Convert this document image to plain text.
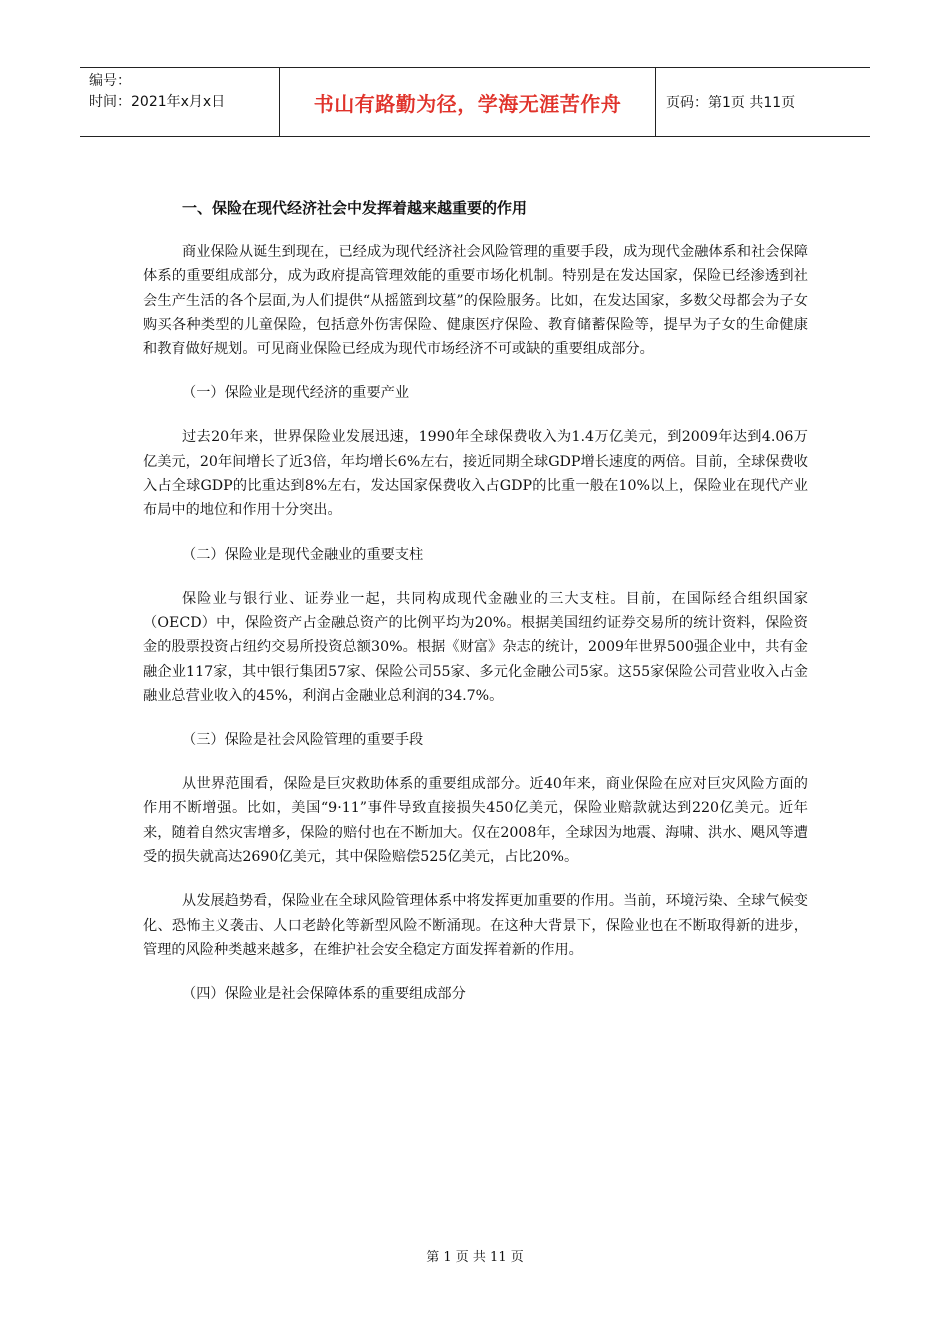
编号：
时间：2021年x月x日	书山有路勤为径，学海无涯苦作舟	页码：第1页 共11页
一、保险在现代经济社会中发挥着越来越重要的作用

商业保险从诞生到现在，已经成为现代经济社会风险管理的重要手段，成为现代金融体系和社会保障体系的重要组成部分，成为政府提高管理效能的重要市场化机制。特别是在发达国家，保险已经渗透到社会生产生活的各个层面,为人们提供“从摇篮到坟墓”的保险服务。比如，在发达国家，多数父母都会为子女购买各种类型的儿童保险，包括意外伤害保险、健康医疗保险、教育储蓄保险等，提早为子女的生命健康和教育做好规划。可见商业保险已经成为现代市场经济不可或缺的重要组成部分。

（一）保险业是现代经济的重要产业

过去20年来，世界保险业发展迅速，1990年全球保费收入为1.4万亿美元，到2009年达到4.06万亿美元，20年间增长了近3倍，年均增长6%左右，接近同期全球GDP增长速度的两倍。目前，全球保费收入占全球GDP的比重达到8%左右，发达国家保费收入占GDP的比重一般在10%以上，保险业在现代产业布局中的地位和作用十分突出。

（二）保险业是现代金融业的重要支柱

保险业与银行业、证券业一起，共同构成现代金融业的三大支柱。目前，在国际经合组织国家（OECD）中，保险资产占金融总资产的比例平均为20%。根据美国纽约证券交易所的统计资料，保险资金的股票投资占纽约交易所投资总额30%。根据《财富》杂志的统计，2009年世界500强企业中，共有金融企业117家，其中银行集团57家、保险公司55家、多元化金融公司5家。这55家保险公司营业收入占金融业总营业收入的45%，利润占金融业总利润的34.7%。

（三）保险是社会风险管理的重要手段

从世界范围看，保险是巨灾救助体系的重要组成部分。近40年来，商业保险在应对巨灾风险方面的作用不断增强。比如，美国“9·11”事件导致直接损失450亿美元，保险业赔款就达到220亿美元。近年来，随着自然灾害增多，保险的赔付也在不断加大。仅在2008年，全球因为地震、海啸、洪水、飓风等遭受的损失就高达2690亿美元，其中保险赔偿525亿美元，占比20%。

从发展趋势看，保险业在全球风险管理体系中将发挥更加重要的作用。当前，环境污染、全球气候变化、恐怖主义袭击、人口老龄化等新型风险不断涌现。在这种大背景下，保险业也在不断取得新的进步，管理的风险种类越来越多，在维护社会安全稳定方面发挥着新的作用。

（四）保险业是社会保障体系的重要组成部分
第 1 页 共 11 页
